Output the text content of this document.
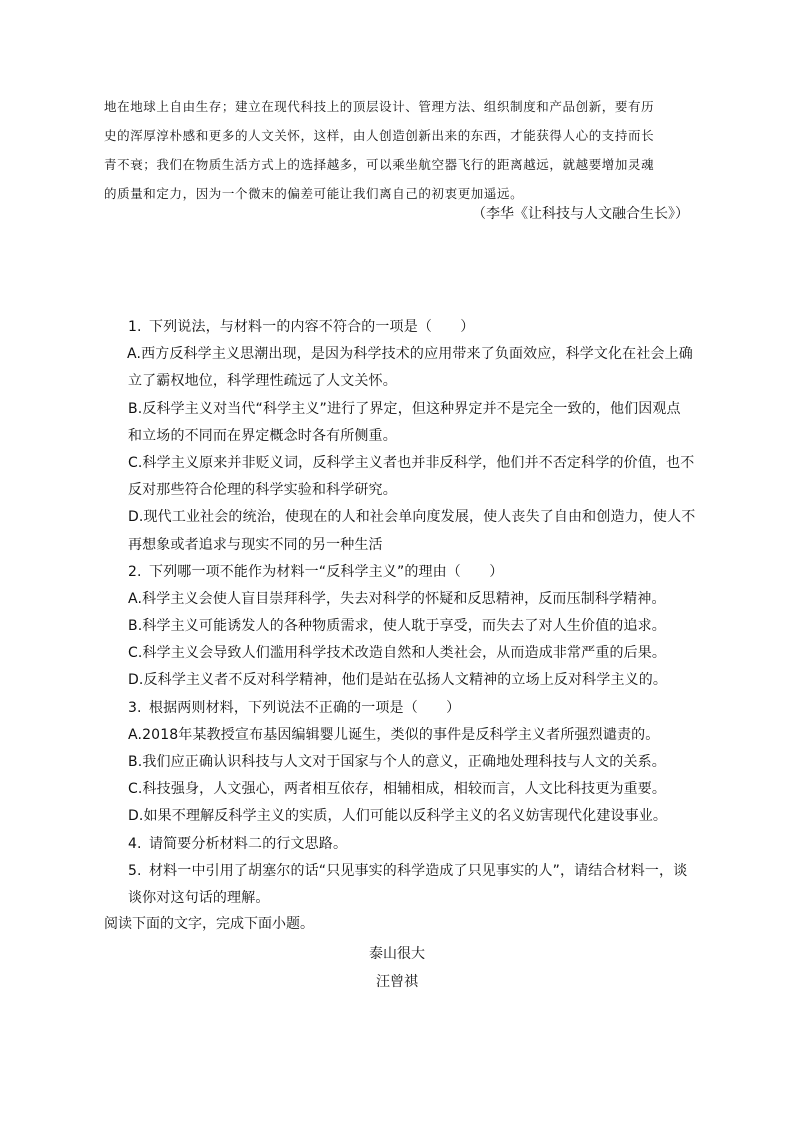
地在地球上自由生存；建立在现代科技上的顶层设计、管理方法、组织制度和产品创新，要有历
史的浑厚淳朴感和更多的人文关怀，这样，由人创造创新出来的东西，才能获得人心的支持而长
青不衰；我们在物质生活方式上的选择越多，可以乘坐航空器飞行的距离越远，就越要增加灵魂
的质量和定力，因为一个微末的偏差可能让我们离自己的初衷更加遥远。
（李华《让科技与人文融合生长》）
1. 下列说法，与材料一的内容不符合的一项是（　　）
A.西方反科学主义思潮出现，是因为科学技术的应用带来了负面效应，科学文化在社会上确
立了霸权地位，科学理性疏远了人文关怀。
B.反科学主义对当代“科学主义”进行了界定，但这种界定并不是完全一致的，他们因观点
和立场的不同而在界定概念时各有所侧重。
C.科学主义原来并非贬义词，反科学主义者也并非反科学，他们并不否定科学的价值，也不
反对那些符合伦理的科学实验和科学研究。
D.现代工业社会的统治，使现在的人和社会单向度发展，使人丧失了自由和创造力，使人不
再想象或者追求与现实不同的另一种生活
2. 下列哪一项不能作为材料一“反科学主义”的理由（　　）
A.科学主义会使人盲目崇拜科学，失去对科学的怀疑和反思精神，反而压制科学精神。
B.科学主义可能诱发人的各种物质需求，使人耽于享受，而失去了对人生价值的追求。
C.科学主义会导致人们滥用科学技术改造自然和人类社会，从而造成非常严重的后果。
D.反科学主义者不反对科学精神，他们是站在弘扬人文精神的立场上反对科学主义的。
3. 根据两则材料，下列说法不正确的一项是（　　）
A.2018年某教授宣布基因编辑婴儿诞生，类似的事件是反科学主义者所强烈谴责的。
B.我们应正确认识科技与人文对于国家与个人的意义，正确地处理科技与人文的关系。
C.科技强身，人文强心，两者相互依存，相辅相成，相较而言，人文比科技更为重要。
D.如果不理解反科学主义的实质，人们可能以反科学主义的名义妨害现代化建设事业。
4. 请简要分析材料二的行文思路。
5. 材料一中引用了胡塞尔的话“只见事实的科学造成了只见事实的人”，请结合材料一，谈
谈你对这句话的理解。
阅读下面的文字，完成下面小题。
泰山很大
汪曾祺
